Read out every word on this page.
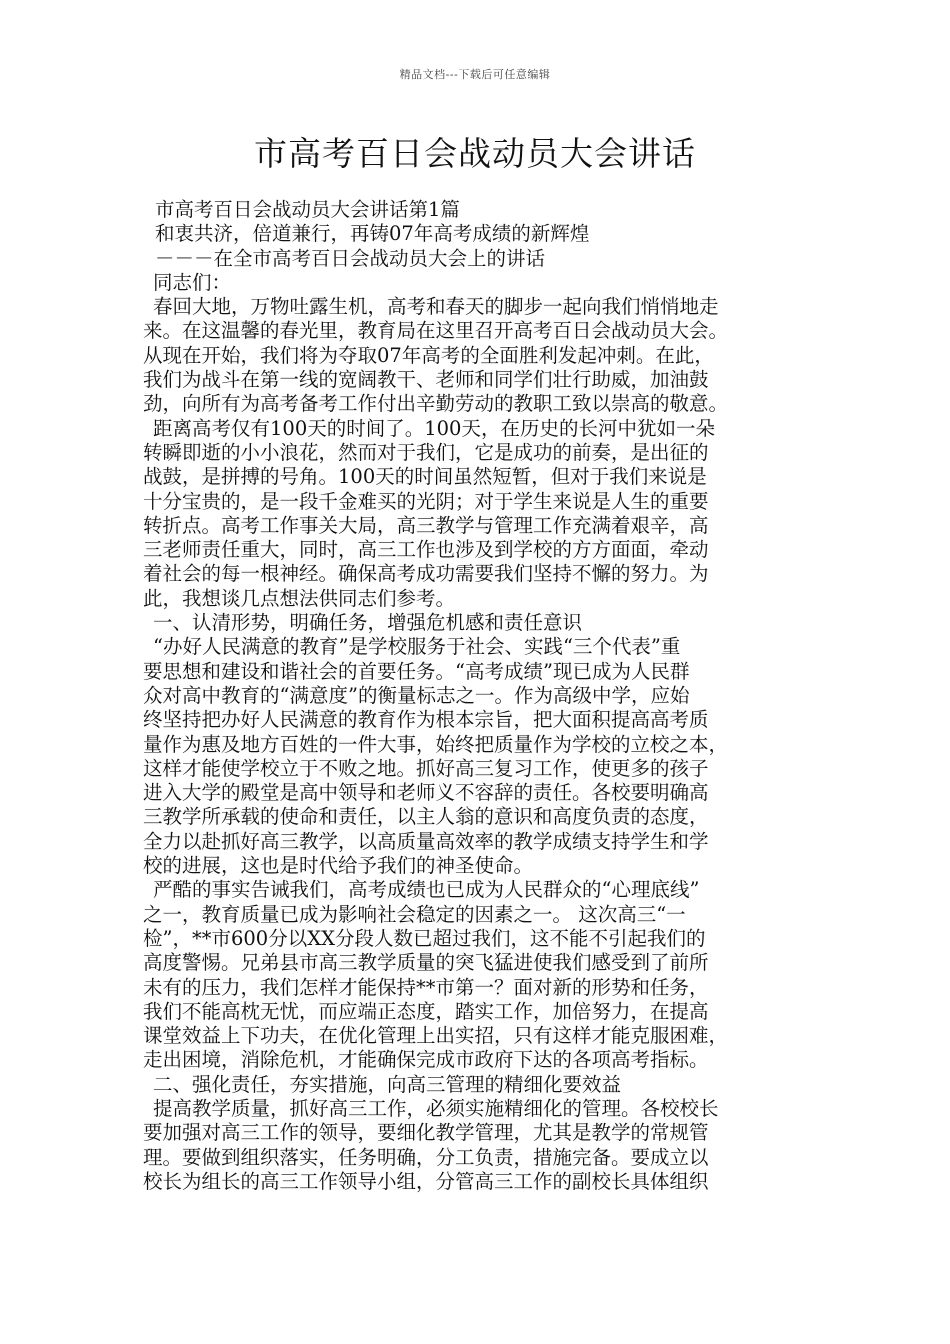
精品文档---下载后可任意编辑
市高考百日会战动员大会讲话
市高考百日会战动员大会讲话第1篇
和衷共济，倍道兼行，再铸07年高考成绩的新辉煌
－－－在全市高考百日会战动员大会上的讲话
同志们：
春回大地，万物吐露生机，高考和春天的脚步一起向我们悄悄地走
来。在这温馨的春光里，教育局在这里召开高考百日会战动员大会。
从现在开始，我们将为夺取07年高考的全面胜利发起冲刺。在此，
我们为战斗在第一线的宽阔教干、老师和同学们壮行助威，加油鼓
劲，向所有为高考备考工作付出辛勤劳动的教职工致以崇高的敬意。
距离高考仅有100天的时间了。100天，在历史的长河中犹如一朵
转瞬即逝的小小浪花，然而对于我们，它是成功的前奏，是出征的
战鼓，是拼搏的号角。100天的时间虽然短暂，但对于我们来说是
十分宝贵的，是一段千金难买的光阴；对于学生来说是人生的重要
转折点。高考工作事关大局，高三教学与管理工作充满着艰辛，高
三老师责任重大，同时，高三工作也涉及到学校的方方面面，牵动
着社会的每一根神经。确保高考成功需要我们坚持不懈的努力。为
此，我想谈几点想法供同志们参考。
一、认清形势，明确任务，增强危机感和责任意识
“办好人民满意的教育”是学校服务于社会、实践“三个代表”重
要思想和建设和谐社会的首要任务。“高考成绩”现已成为人民群
众对高中教育的“满意度”的衡量标志之一。作为高级中学，应始
终坚持把办好人民满意的教育作为根本宗旨，把大面积提高高考质
量作为惠及地方百姓的一件大事，始终把质量作为学校的立校之本，
这样才能使学校立于不败之地。抓好高三复习工作，使更多的孩子
进入大学的殿堂是高中领导和老师义不容辞的责任。各校要明确高
三教学所承载的使命和责任，以主人翁的意识和高度负责的态度，
全力以赴抓好高三教学，以高质量高效率的教学成绩支持学生和学
校的进展，这也是时代给予我们的神圣使命。
严酷的事实告诫我们，高考成绩也已成为人民群众的“心理底线”
之一，教育质量已成为影响社会稳定的因素之一。 这次高三“一
检”，**市600分以XX分段人数已超过我们，这不能不引起我们的
高度警惕。兄弟县市高三教学质量的突飞猛进使我们感受到了前所
未有的压力，我们怎样才能保持**市第一？面对新的形势和任务，
我们不能高枕无忧，而应端正态度，踏实工作，加倍努力，在提高
课堂效益上下功夫，在优化管理上出实招，只有这样才能克服困难，
走出困境，消除危机，才能确保完成市政府下达的各项高考指标。
二、强化责任，夯实措施，向高三管理的精细化要效益
提高教学质量，抓好高三工作，必须实施精细化的管理。各校校长
要加强对高三工作的领导，要细化教学管理，尤其是教学的常规管
理。要做到组织落实，任务明确，分工负责，措施完备。要成立以
校长为组长的高三工作领导小组，分管高三工作的副校长具体组织
